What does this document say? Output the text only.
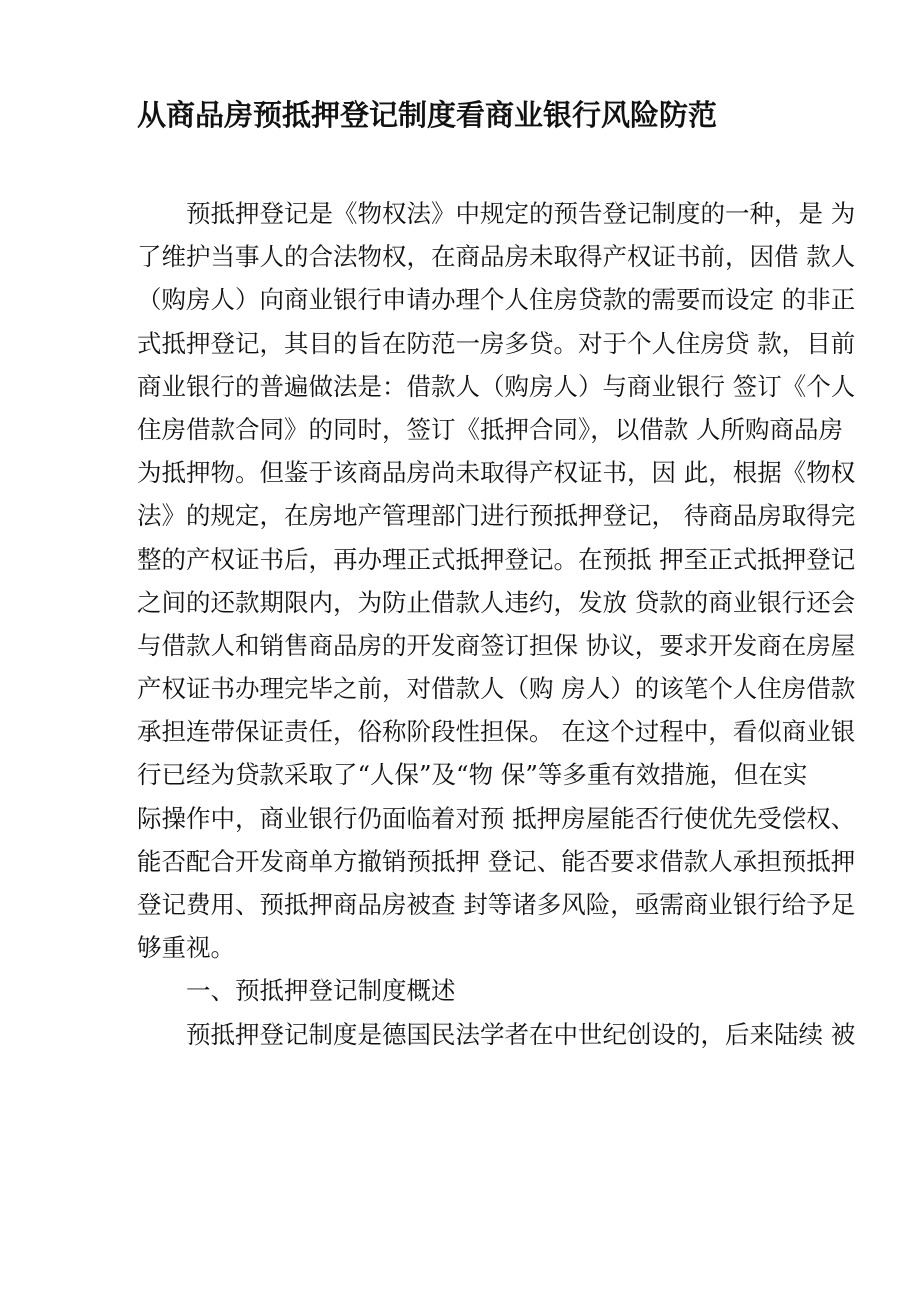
从商品房预抵押登记制度看商业银行风险防范
预抵押登记是《物权法》中规定的预告登记制度的一种，是 为
了维护当事人的合法物权，在商品房未取得产权证书前，因借 款人
（购房人）向商业银行申请办理个人住房贷款的需要而设定 的非正
式抵押登记，其目的旨在防范一房多贷。对于个人住房贷 款，目前
商业银行的普遍做法是：借款人（购房人）与商业银行 签订《个人
住房借款合同》的同时，签订《抵押合同》，以借款 人所购商品房
为抵押物。但鉴于该商品房尚未取得产权证书，因 此，根据《物权
法》的规定，在房地产管理部门进行预抵押登记， 待商品房取得完
整的产权证书后，再办理正式抵押登记。在预抵 押至正式抵押登记
之间的还款期限内，为防止借款人违约，发放 贷款的商业银行还会
与借款人和销售商品房的开发商签订担保 协议，要求开发商在房屋
产权证书办理完毕之前，对借款人（购 房人）的该笔个人住房借款
承担连带保证责任，俗称阶段性担保。 在这个过程中，看似商业银
行已经为贷款采取了“人保”及“物 保”等多重有效措施，但在实
际操作中，商业银行仍面临着对预 抵押房屋能否行使优先受偿权、
能否配合开发商单方撤销预抵押 登记、能否要求借款人承担预抵押
登记费用、预抵押商品房被查 封等诸多风险，亟需商业银行给予足
够重视。
一、预抵押登记制度概述
预抵押登记制度是德国民法学者在中世纪创设的，后来陆续 被
